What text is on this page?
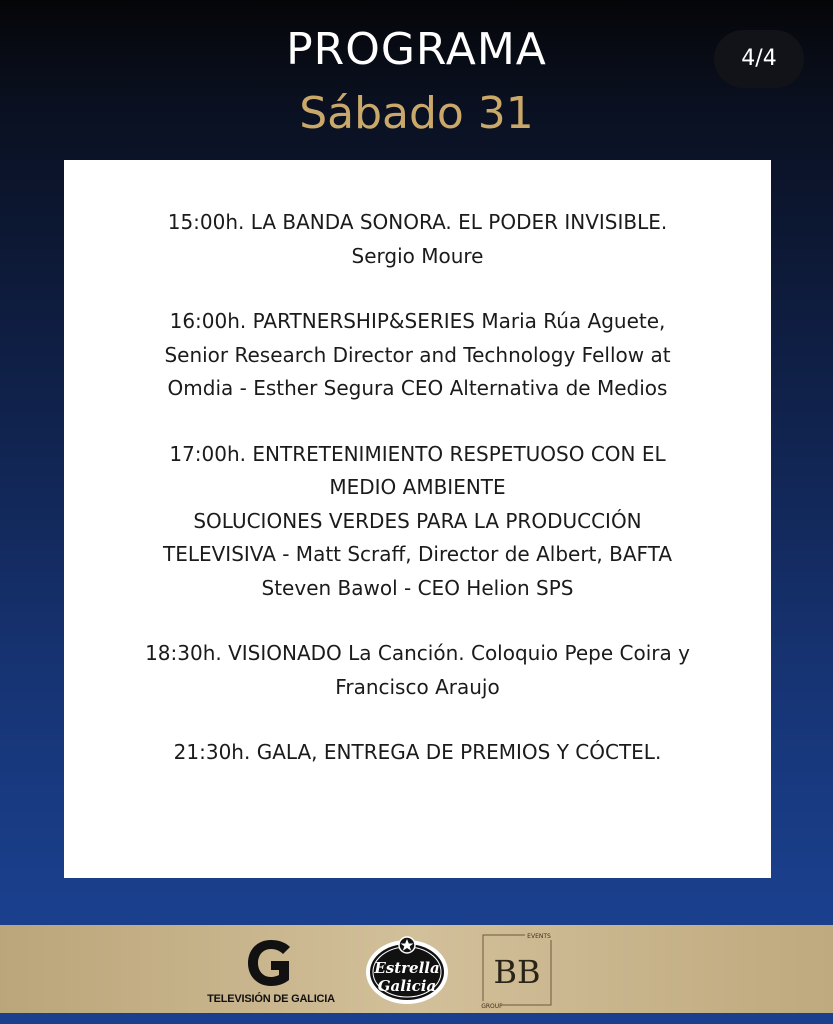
PROGRAMA
Sábado 31
4/4
15:00h. LA BANDA SONORA. EL PODER INVISIBLE.
Sergio Moure
16:00h. PARTNERSHIP&SERIES Maria Rúa Aguete,
Senior Research Director and Technology Fellow at
Omdia - Esther Segura CEO Alternativa de Medios
17:00h. ENTRETENIMIENTO RESPETUOSO CON EL
MEDIO AMBIENTE
SOLUCIONES VERDES PARA LA PRODUCCIÓN
TELEVISIVA - Matt Scraff, Director de Albert, BAFTA
Steven Bawol - CEO Helion SPS
18:30h. VISIONADO La Canción. Coloquio Pepe Coira y
Francisco Araujo
21:30h. GALA, ENTREGA DE PREMIOS Y CÓCTEL.
TELEVISIÓN DE GALICIA
Estrella
Galicia
EVENTS
BB
GROUP
